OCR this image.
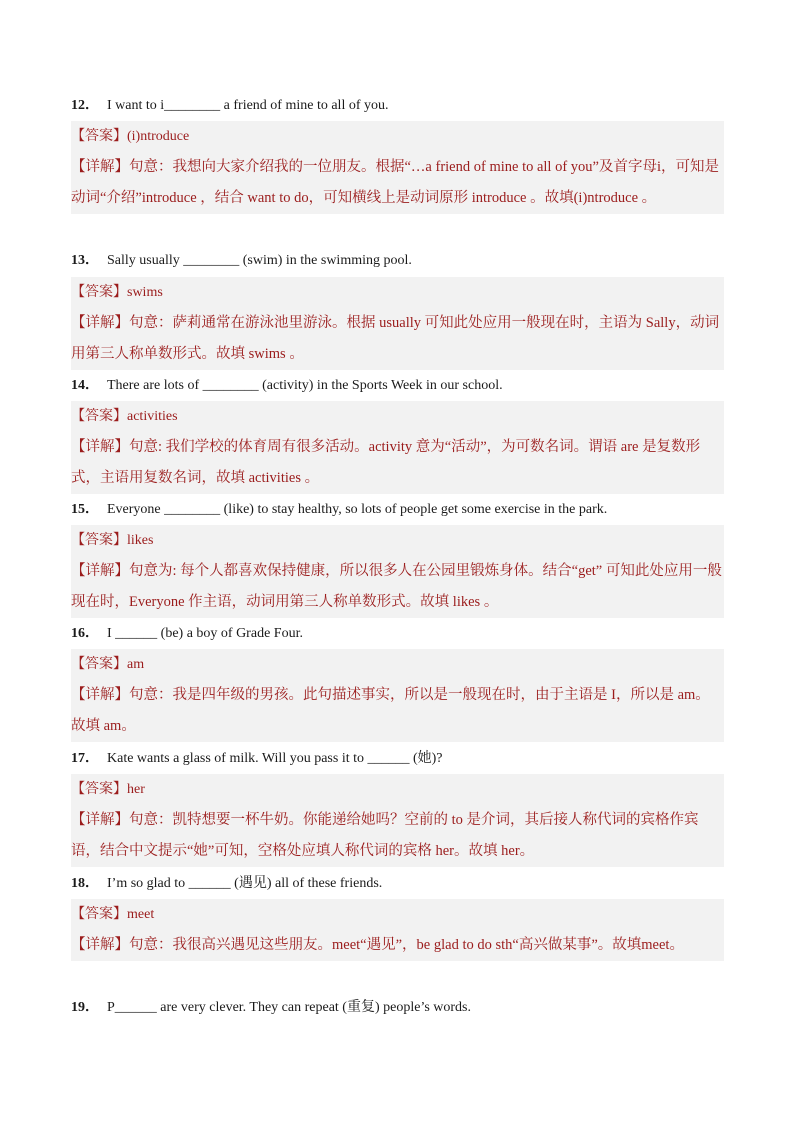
12． I want to i________ a friend of mine to all of you.
【答案】(i)ntroduce
【详解】句意：我想向大家介绍我的一位朋友。根据“…a friend of mine to all of you”及首字母i，可知是动词“介绍”introduce ，结合 want to do，可知横线上是动词原形 introduce 。故填(i)ntroduce 。
13． Sally usually ________ (swim) in the swimming pool.
【答案】swims
【详解】句意：萨莉通常在游泳池里游泳。根据 usually 可知此处应用一般现在时，主语为 Sally，动词用第三人称单数形式。故填 swims 。
14． There are lots of ________ (activity) in the Sports Week in our school.
【答案】activities
【详解】句意: 我们学校的体育周有很多活动。activity 意为“活动”，为可数名词。谓语 are 是复数形式，主语用复数名词，故填 activities 。
15． Everyone ________ (like) to stay healthy, so lots of people get some exercise in the park.
【答案】likes
【详解】句意为: 每个人都喜欢保持健康，所以很多人在公园里锻炼身体。结合“get” 可知此处应用一般现在时，Everyone 作主语，动词用第三人称单数形式。故填 likes 。
16． I ______ (be) a boy of Grade Four.
【答案】am
【详解】句意：我是四年级的男孩。此句描述事实，所以是一般现在时，由于主语是 I，所以是 am。故填 am。
17． Kate wants a glass of milk. Will you pass it to ______ (她)?
【答案】her
【详解】句意：凯特想要一杯牛奶。你能递给她吗？空前的 to 是介词，其后接人称代词的宾格作宾语，结合中文提示“她”可知，空格处应填人称代词的宾格 her。故填 her。
18． I’m so glad to ______ (遇见) all of these friends.
【答案】meet
【详解】句意：我很高兴遇见这些朋友。meet“遇见”，be glad to do sth“高兴做某事”。故填meet。
19． P______ are very clever. They can repeat (重复) people’s words.
